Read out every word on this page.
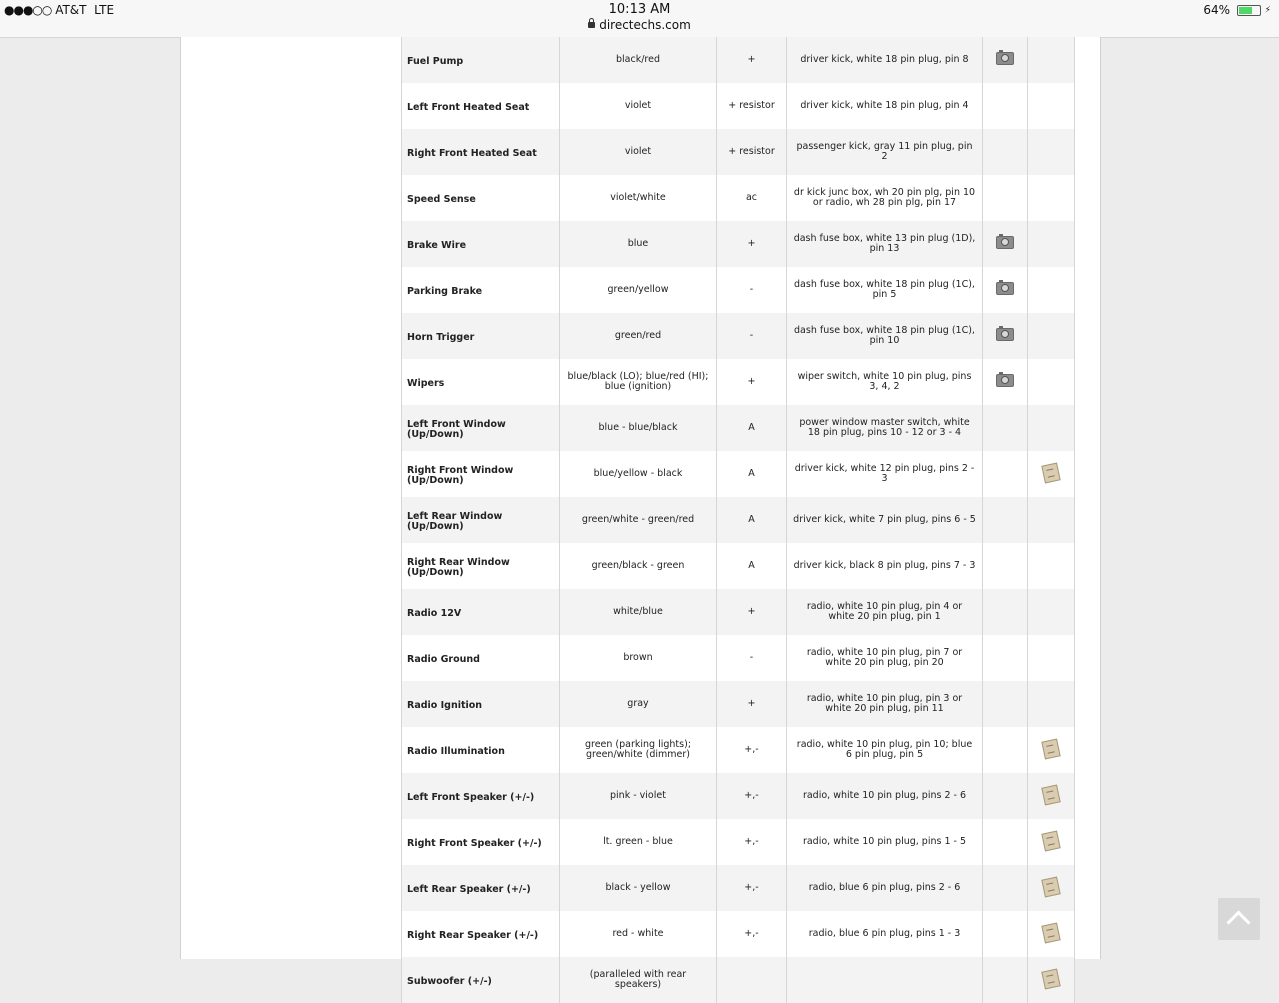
●●●○○ AT&T LTE	10:13 AM
directechs.com
64%	⚡
Fuel Pump	black/red	+	driver kick, white 18 pin plug, pin 8		
Left Front Heated Seat	violet	+ resistor	driver kick, white 18 pin plug, pin 4		
Right Front Heated Seat	violet	+ resistor	passenger kick, gray 11 pin plug, pin 2		
Speed Sense	violet/white	ac	dr kick junc box, wh 20 pin plg, pin 10 or radio, wh 28 pin plg, pin 17		
Brake Wire	blue	+	dash fuse box, white 13 pin plug (1D), pin 13		
Parking Brake	green/yellow	-	dash fuse box, white 18 pin plug (1C), pin 5		
Horn Trigger	green/red	-	dash fuse box, white 18 pin plug (1C), pin 10		
Wipers	blue/black (LO); blue/red (HI); blue (ignition)	+	wiper switch, white 10 pin plug, pins 3, 4, 2		
Left Front Window (Up/Down)	blue - blue/black	A	power window master switch, white 18 pin plug, pins 10 - 12 or 3 - 4		
Right Front Window (Up/Down)	blue/yellow - black	A	driver kick, white 12 pin plug, pins 2 - 3		
Left Rear Window (Up/Down)	green/white - green/red	A	driver kick, white 7 pin plug, pins 6 - 5		
Right Rear Window (Up/Down)	green/black - green	A	driver kick, black 8 pin plug, pins 7 - 3		
Radio 12V	white/blue	+	radio, white 10 pin plug, pin 4 or white 20 pin plug, pin 1		
Radio Ground	brown	-	radio, white 10 pin plug, pin 7 or white 20 pin plug, pin 20		
Radio Ignition	gray	+	radio, white 10 pin plug, pin 3 or white 20 pin plug, pin 11		
Radio Illumination	green (parking lights); green/white (dimmer)	+,-	radio, white 10 pin plug, pin 10; blue 6 pin plug, pin 5		
Left Front Speaker (+/-)	pink - violet	+,-	radio, white 10 pin plug, pins 2 - 6		
Right Front Speaker (+/-)	lt. green - blue	+,-	radio, white 10 pin plug, pins 1 - 5		
Left Rear Speaker (+/-)	black - yellow	+,-	radio, blue 6 pin plug, pins 2 - 6		
Right Rear Speaker (+/-)	red - white	+,-	radio, blue 6 pin plug, pins 1 - 3		
Subwoofer (+/-)	(paralleled with rear speakers)				
